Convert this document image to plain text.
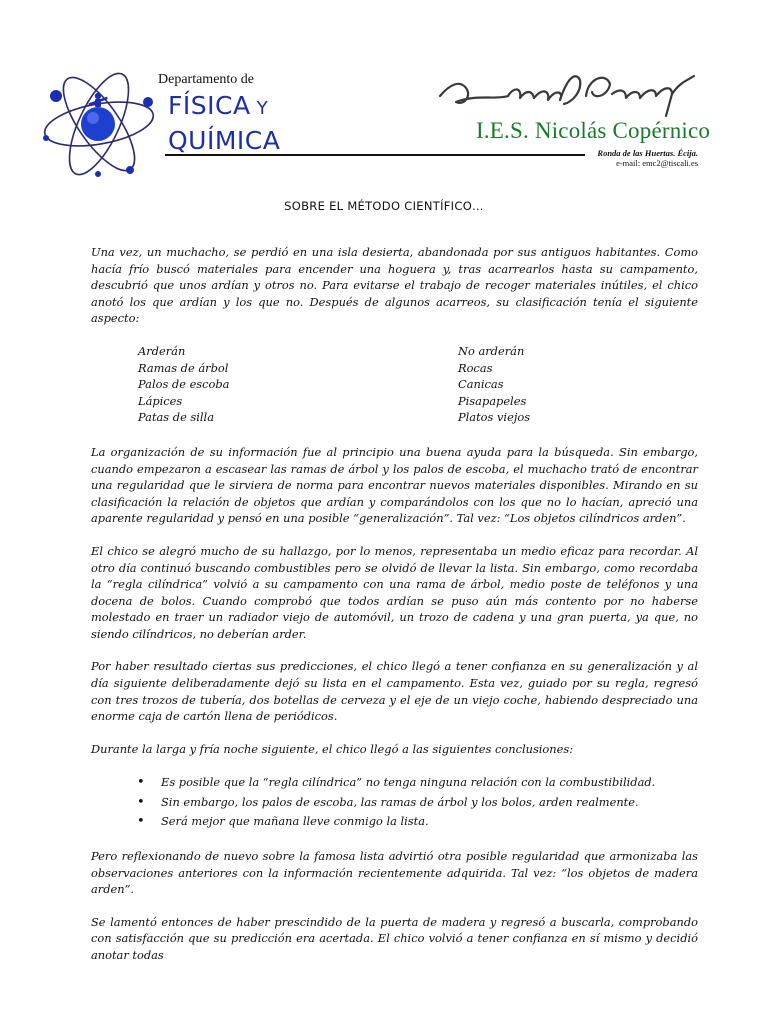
Departamento de
FÍSICA Y
QUÍMICA	I.E.S. Nicolás Copérnico
Ronda de las Huertas. Écija.
e-mail: emc2@tiscali.es
SOBRE EL MÉTODO CIENTÍFICO…

Una vez, un muchacho, se perdió en una isla desierta, abandonada por sus antiguos habitantes. Como hacía frío buscó materiales para encender una hoguera y, tras acarrearlos hasta su campamento, descubrió que unos ardían y otros no. Para evitarse el trabajo de recoger materiales inútiles, el chico anotó los que ardían y los que no. Después de algunos acarreos, su clasificación tenía el siguiente aspecto:

Arderán
Ramas de árbol
Palos de escoba
Lápices
Patas de silla
No arderán
Rocas
Canicas
Pisapapeles
Platos viejos

La organización de su información fue al principio una buena ayuda para la búsqueda. Sin embargo, cuando empezaron a escasear las ramas de árbol y los palos de escoba, el muchacho trató de encontrar una regularidad que le sirviera de norma para encontrar nuevos materiales disponibles. Mirando en su clasificación la relación de objetos que ardían y comparándolos con los que no lo hacían, apreció una aparente regularidad y pensó en una posible “generalización”. Tal vez: “Los objetos cilíndricos arden”.

El chico se alegró mucho de su hallazgo, por lo menos, representaba un medio eficaz para recordar. Al otro día continuó buscando combustibles pero se olvidó de llevar la lista. Sin embargo, como recordaba la “regla cilíndrica” volvió a su campamento con una rama de árbol, medio poste de teléfonos y una docena de bolos. Cuando comprobó que todos ardían se puso aún más contento por no haberse molestado en traer un radiador viejo de automóvil, un trozo de cadena y una gran puerta, ya que, no siendo cilíndricos, no deberían arder.

Por haber resultado ciertas sus predicciones, el chico llegó a tener confianza en su generalización y al día siguiente deliberadamente dejó su lista en el campamento. Esta vez, guiado por su regla, regresó con tres trozos de tubería, dos botellas de cerveza y el eje de un viejo coche, habiendo despreciado una enorme caja de cartón llena de periódicos.

Durante la larga y fría noche siguiente, el chico llegó a las siguientes conclusiones:

• Es posible que la “regla cilíndrica” no tenga ninguna relación con la combustibilidad.
• Sin embargo, los palos de escoba, las ramas de árbol y los bolos, arden realmente.
• Será mejor que mañana lleve conmigo la lista.

Pero reflexionando de nuevo sobre la famosa lista advirtió otra posible regularidad que armonizaba las observaciones anteriores con la información recientemente adquirida. Tal vez: “los objetos de madera arden”.

Se lamentó entonces de haber prescindido de la puerta de madera y regresó a buscarla, comprobando con satisfacción que su predicción era acertada. El chico volvió a tener confianza en sí mismo y decidió anotar todas
